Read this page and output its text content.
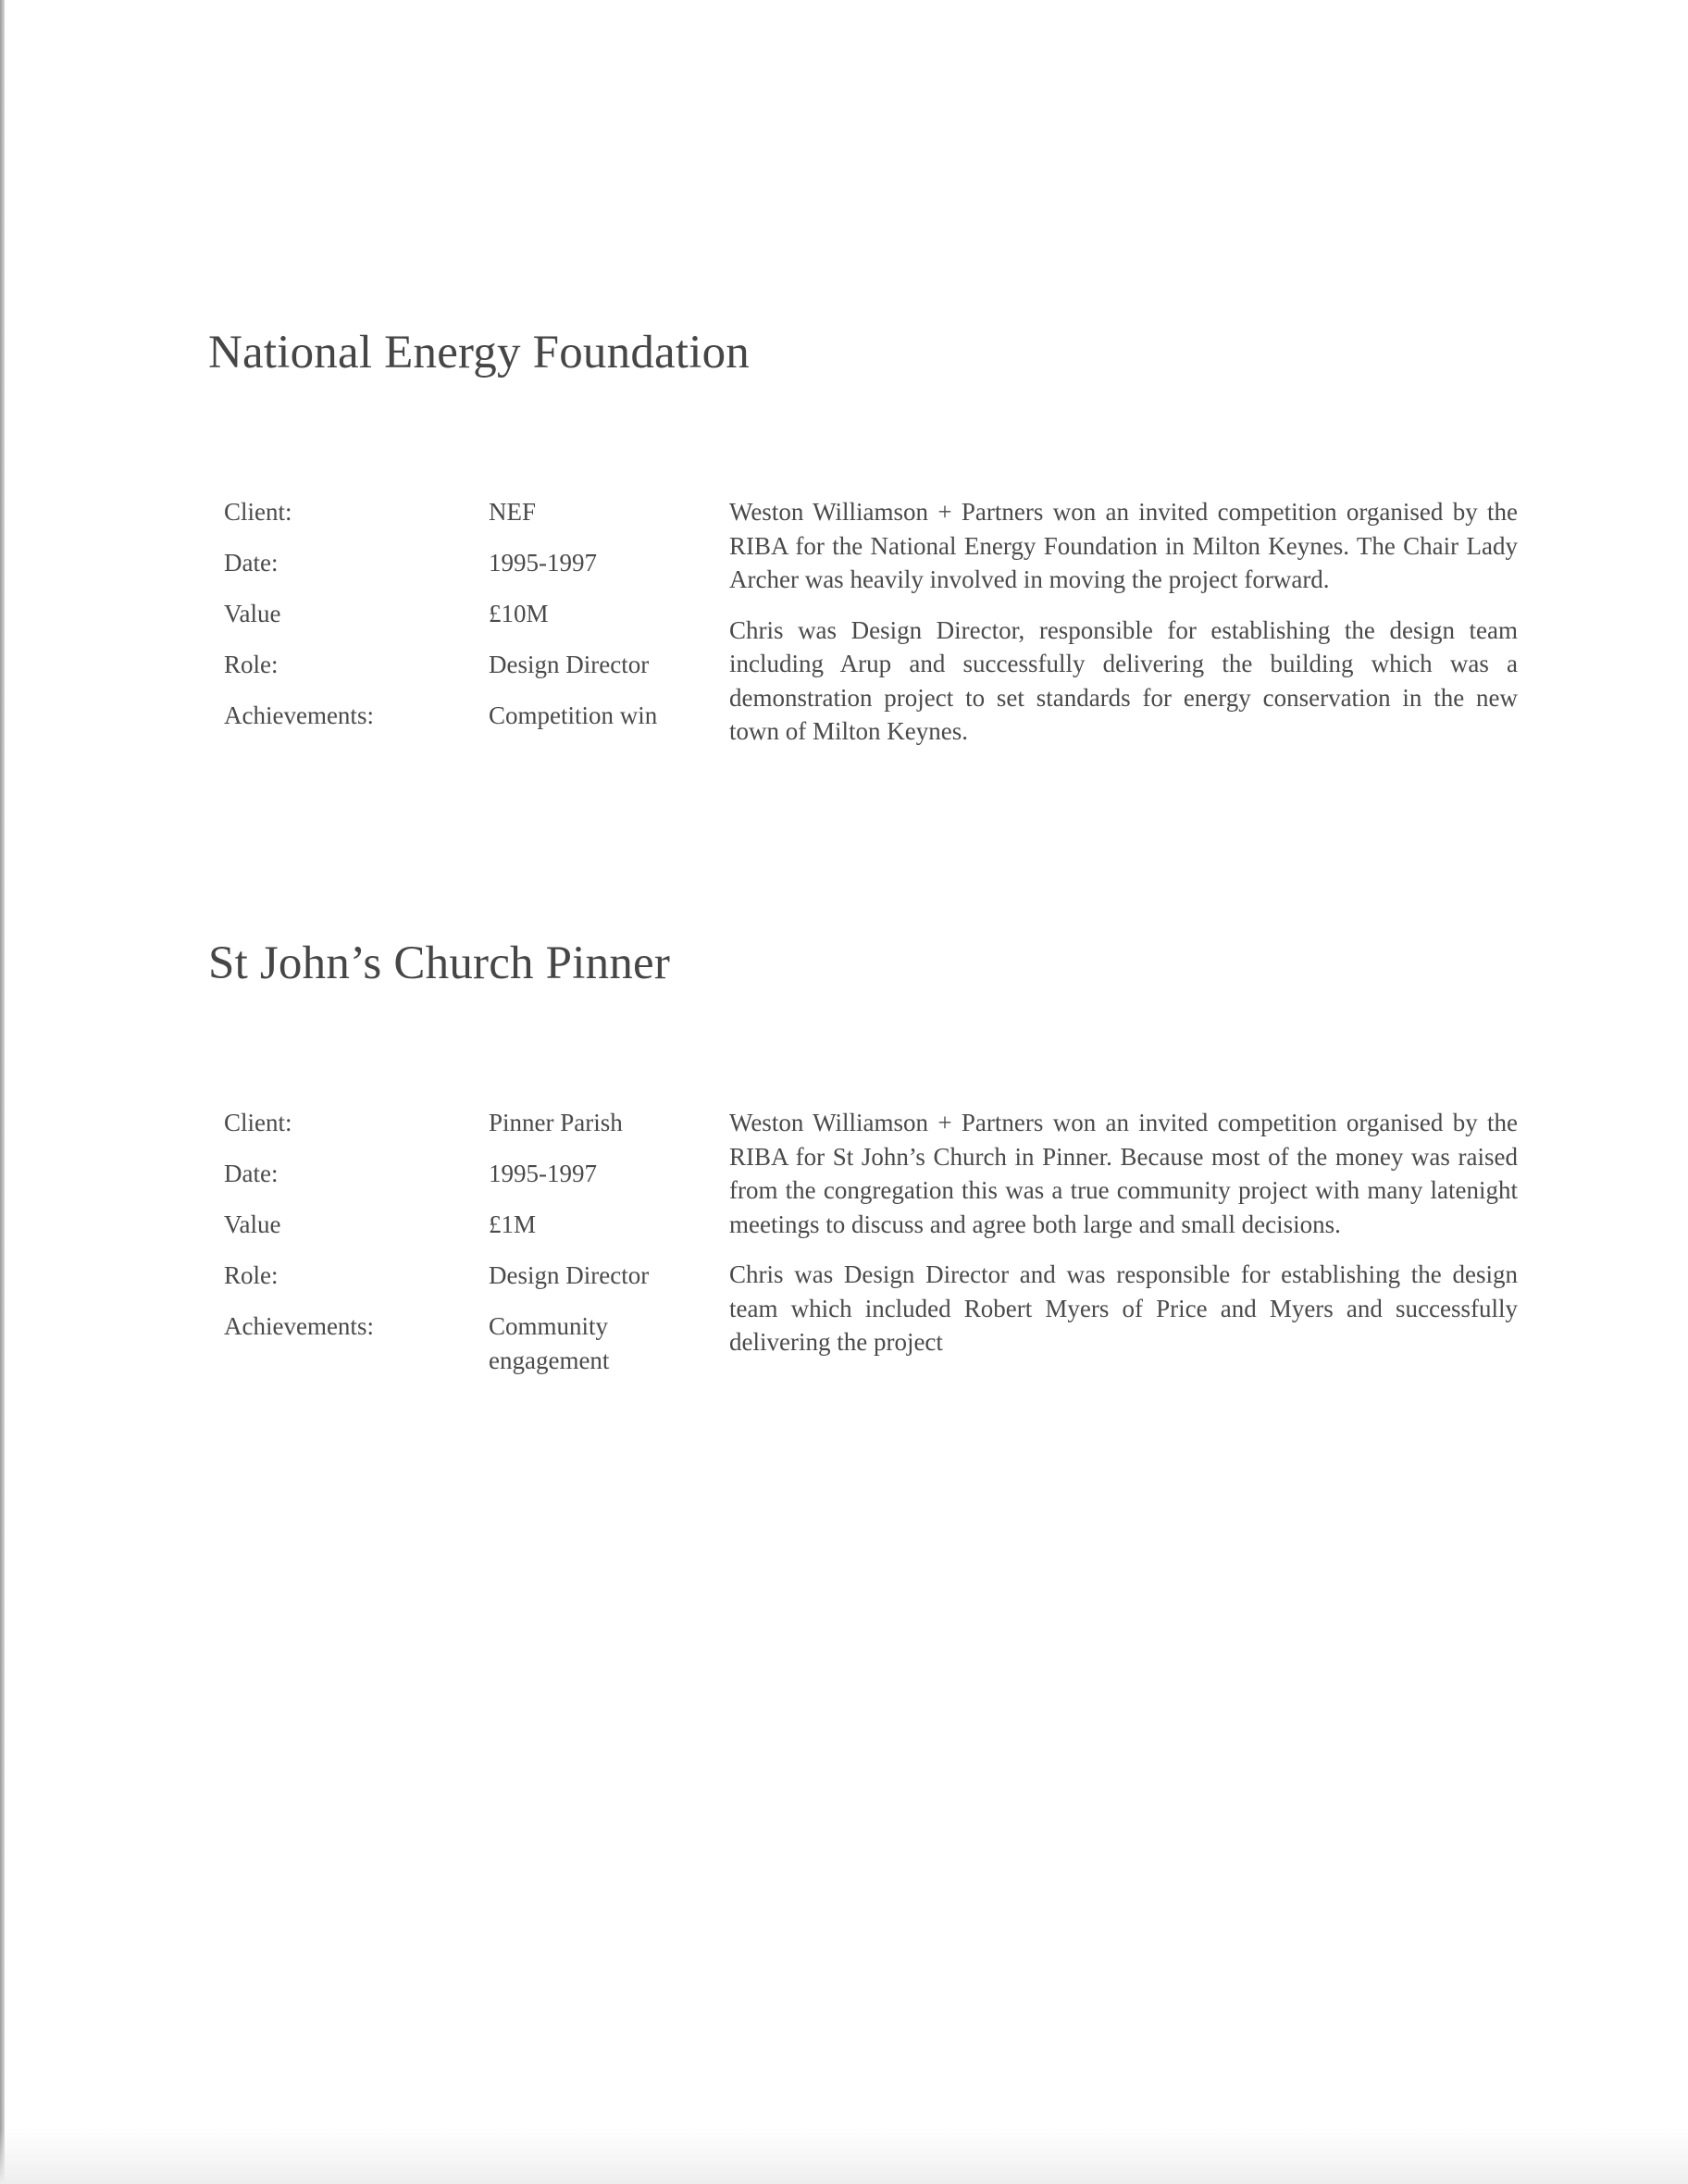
National Energy Foundation
Client:	NEF
Date:	1995-1997
Value	£10M
Role:	Design Director
Achievements:	Competition win

Weston Williamson + Partners won an invited competition organised by the RIBA for the National Energy Foundation in Milton Keynes. The Chair Lady Archer was heavily involved in moving the project forward.

Chris was Design Director, responsible for establishing the design team including Arup and successfully delivering the building which was a demonstration project to set standards for energy conservation in the new town of Milton Keynes.

St John’s Church Pinner
Client:	Pinner Parish
Date:	1995-1997
Value	£1M
Role:	Design Director
Achievements:	Community engagement

Weston Williamson + Partners won an invited competition organised by the RIBA for St John’s Church in Pinner. Because most of the money was raised from the congregation this was a true community project with many latenight meetings to discuss and agree both large and small decisions.

Chris was Design Director and was responsible for establishing the design team which included Robert Myers of Price and Myers and successfully delivering the project
